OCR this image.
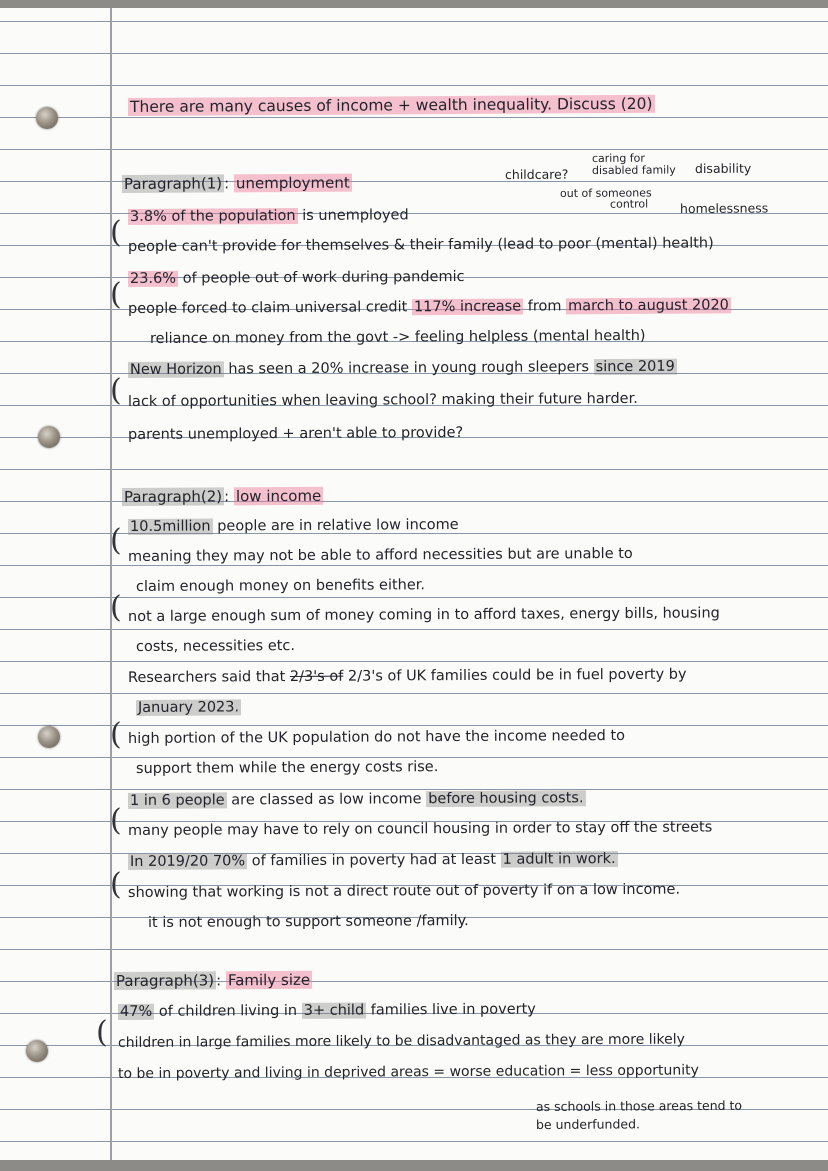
There are many causes of income + wealth inequality. Discuss (20)
Paragraph(1) : unemployment	childcare?
caring for
disabled family disability
out of someones
control	homelessness
( 3.8% of the population is unemployed
people can't provide for themselves & their family (lead to poor (mental) health)
( 23.6% of people out of work during pandemic
people forced to claim universal credit 117% increase from march to august 2020
reliance on money from the govt -> feeling helpless (mental health)
(
New Horizon has seen a 20% increase in young rough sleepers since 2019
lack of opportunities when leaving school? making their future harder.
parents unemployed + aren't able to provide?
Paragraph(2) : low income
( 10.5million people are in relative low income
meaning they may not be able to afford necessities but are unable to
claim enough money on benefits either.
( not a large enough sum of money coming in to afford taxes, energy bills, housing
costs, necessities etc.
Researchers said that 2/3's of 2/3's of UK families could be in fuel poverty by
January 2023.
( high portion of the UK population do not have the income needed to
support them while the energy costs rise.
(
1 in 6 people are classed as low income before housing costs.
many people may have to rely on council housing in order to stay off the streets
(
In 2019/20 70% of families in poverty had at least 1 adult in work.
showing that working is not a direct route out of poverty if on a low income.
it is not enough to support someone /family.
Paragraph(3) : Family size
(
47% of children living in 3+ child families live in poverty
children in large families more likely to be disadvantaged as they are more likely
to be in poverty and living in deprived areas = worse education = less opportunity
as schools in those areas tend to
be underfunded.
